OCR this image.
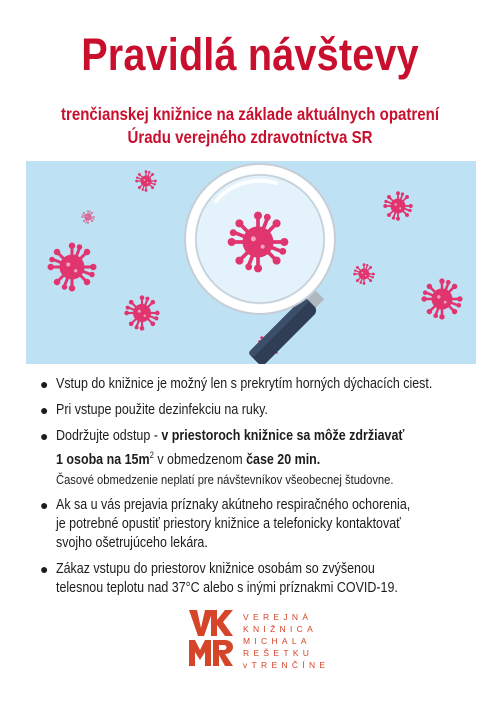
Pravidlá návštevy
trenčianskej knižnice na základe aktuálnych opatrení
Úradu verejného zdravotníctva SR
● Vstup do knižnice je možný len s prekrytím horných dýchacích ciest.
● Pri vstupe použite dezinfekciu na ruky.
● Dodržujte odstup - v priestoroch knižnice sa môže zdržiavať
1 osoba na $15m^2$ v obmedzenom čase 20 min.
Časové obmedzenie neplatí pre návštevníkov všeobecnej študovne.
● Ak sa u vás prejavia príznaky akútneho respiračného ochorenia,
je potrebné opustiť priestory knižnice a telefonicky kontaktovať
svojho ošetrujúceho lekára.
● Zákaz vstupu do priestorov knižnice osobám so zvýšenou
telesnou teplotu nad 37°C alebo s inými príznakmi COVID-19.
VEREJNÁ
KNIŽNICA
MICHALA
REŠETKU
vTRENČÍNE
